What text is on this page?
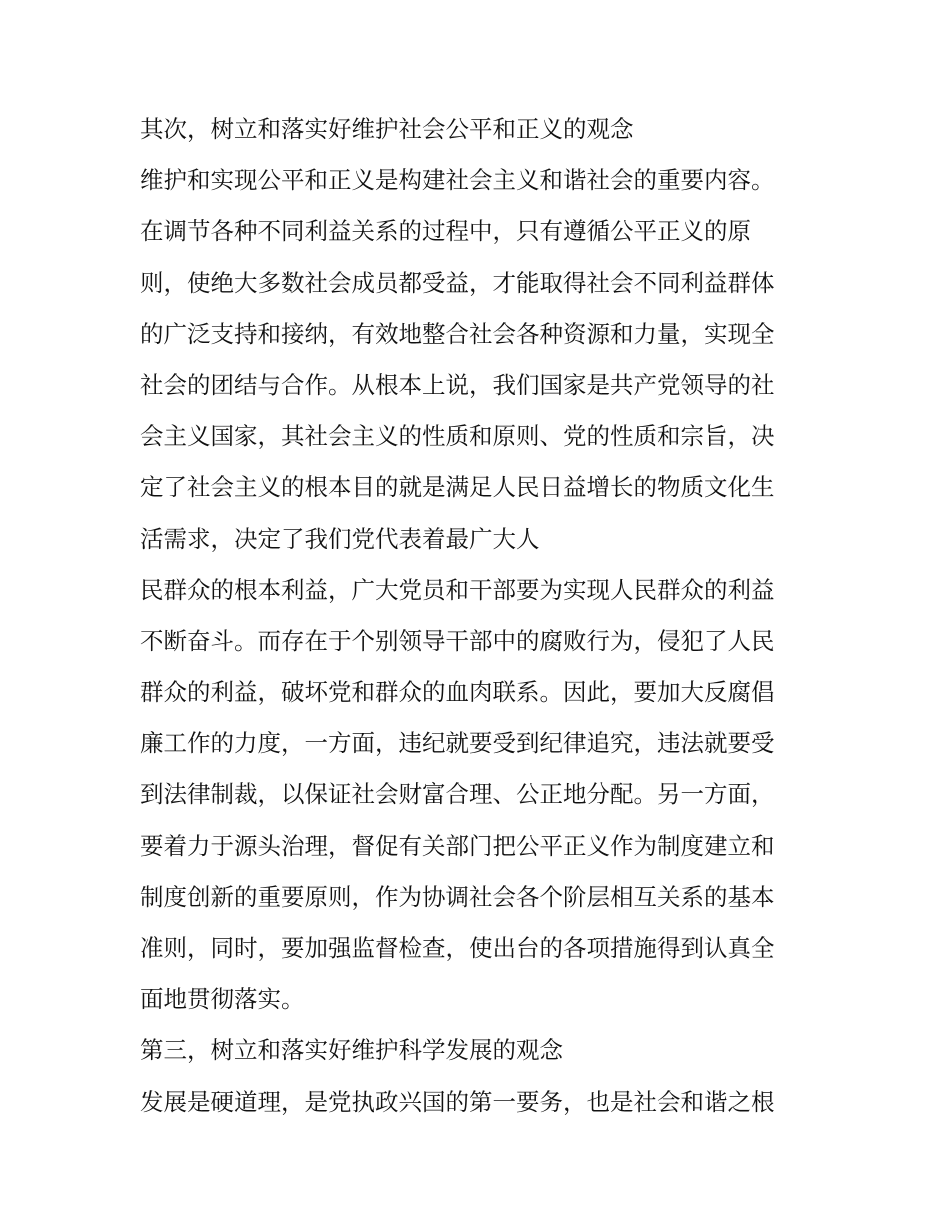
其次，树立和落实好维护社会公平和正义的观念
维护和实现公平和正义是构建社会主义和谐社会的重要内容。
在调节各种不同利益关系的过程中，只有遵循公平正义的原
则，使绝大多数社会成员都受益，才能取得社会不同利益群体
的广泛支持和接纳，有效地整合社会各种资源和力量，实现全
社会的团结与合作。从根本上说，我们国家是共产党领导的社
会主义国家，其社会主义的性质和原则、党的性质和宗旨，决
定了社会主义的根本目的就是满足人民日益增长的物质文化生
活需求，决定了我们党代表着最广大人
民群众的根本利益，广大党员和干部要为实现人民群众的利益
不断奋斗。而存在于个别领导干部中的腐败行为，侵犯了人民
群众的利益，破坏党和群众的血肉联系。因此，要加大反腐倡
廉工作的力度，一方面，违纪就要受到纪律追究，违法就要受
到法律制裁，以保证社会财富合理、公正地分配。另一方面，
要着力于源头治理，督促有关部门把公平正义作为制度建立和
制度创新的重要原则，作为协调社会各个阶层相互关系的基本
准则，同时，要加强监督检查，使出台的各项措施得到认真全
面地贯彻落实。
第三，树立和落实好维护科学发展的观念
发展是硬道理，是党执政兴国的第一要务，也是社会和谐之根
